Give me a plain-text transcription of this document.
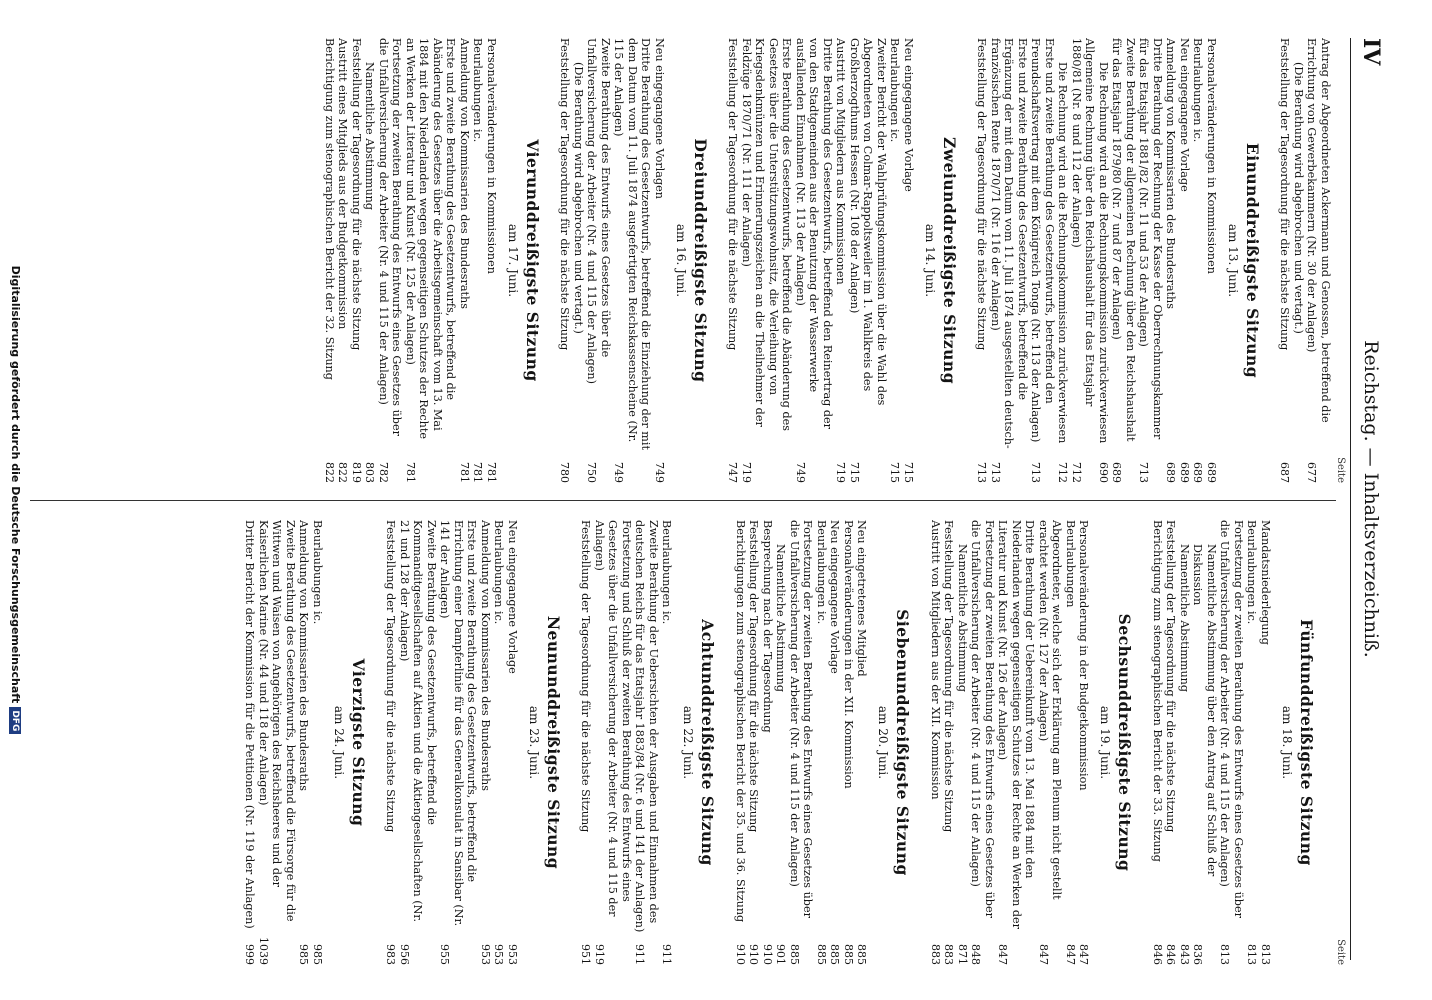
IV
Reichstag. — Inhaltsverzeichniß.
Seite
Antrag der Abgeordneten Ackermann und Genossen, betreffend die Errichtung von Gewerbekammern (Nr. 30 der Anlagen)
677
(Die Berathung wird abgebrochen und vertagt.)
Feststellung der Tagesordnung für die nächste Sitzung
687
Einunddreißigste Sitzung
am 13. Juni.
Personalveränderungen in Kommissionen
689
Beurlaubungen ic.
689
Neu eingegangene Vorlage
689
Anmeldung von Kommissarien des Bundesraths
689
Dritte Berathung der Rechnung der Kasse der Oberrechnungskammer für das Etatsjahr 1881/82 (Nr. 11 und 53 der Anlagen)
713
Zweite Berathung der allgemeinen Rechnung über den Reichshaushalt für das Etatsjahr 1879/80 (Nr. 7 und 87 der Anlagen)
689
Die Rechnung wird an die Rechnungskommission zurückverwiesen
690
Allgemeine Rechnung über den Reichshaushalt für das Etatsjahr 1880/81 (Nr. 8 und 112 der Anlagen)
712
Die Rechnung wird an die Rechnungskommission zurückverwiesen
712
Erste und zweite Berathung des Gesetzentwurfs, betreffend den Freundschaftsvertrag mit dem Königreich Tonga (Nr. 113 der Anlagen)
713
Erste und zweite Berathung des Gesetzentwurfs, betreffend die Ergänzung der mit dem Datum vom 11. Juli 1874 ausgestellten deutsch-französischen Rente 1870/71 (Nr. 116 der Anlagen)
713
Feststellung der Tagesordnung für die nächste Sitzung
713
Zweiunddreißigste Sitzung
am 14. Juni.
Neu eingegangene Vorlage
715
Beurlaubungen ic.
715
Zweiter Bericht der Wahlprüfungskommission über die Wahl des Abgeordneten von Colmar-Rappoltsweiler im 1. Wahlkreis des Großherzogthums Hessen (Nr. 108 der Anlagen)
715
Austritt von Mitgliedern aus Kommissionen
719
Dritte Berathung des Gesetzentwurfs, betreffend den Reinertrag der von den Stadtgemeinden aus der Benutzung der Wasserwerke ausfallenden Einnahmen (Nr. 113 der Anlagen)
749
Erste Berathung des Gesetzentwurfs, betreffend die Abänderung des Gesetzes über die Unterstützungswohnsitz, die Verleihung von Kriegsdenkmünzen und Erinnerungszeichen an die Theilnehmer der Feldzüge 1870/71 (Nr. 111 der Anlagen)
719
Feststellung der Tagesordnung für die nächste Sitzung
747
Dreiunddreißigste Sitzung
am 16. Juni.
Neu eingegangene Vorlagen
749
Dritte Berathung des Gesetzentwurfs, betreffend die Einziehung der mit dem Datum vom 11. Juli 1874 ausgefertigten Reichskassenscheine (Nr. 115 der Anlagen)
749
Zweite Berathung des Entwurfs eines Gesetzes über die Unfallversicherung der Arbeiter (Nr. 4 und 115 der Anlagen)
750
(Die Berathung wird abgebrochen und vertagt.)
Feststellung der Tagesordnung für die nächste Sitzung
780
Vierunddreißigste Sitzung
am 17. Juni.
Personalveränderungen in Kommissionen
781
Beurlaubungen ic.
781
Anmeldung von Kommissarien des Bundesraths
781
Erste und zweite Berathung des Gesetzentwurfs, betreffend die Abänderung des Gesetzes über die Arbeitsgemeinschaft vom 13. Mai 1884 mit den Niederlanden wegen gegenseitigen Schutzes der Rechte an Werken der Literatur und Kunst (Nr. 125 der Anlagen)
781
Fortsetzung der zweiten Berathung des Entwurfs eines Gesetzes über die Unfallversicherung der Arbeiter (Nr. 4 und 115 der Anlagen)
782
Namentliche Abstimmung
803
Feststellung der Tagesordnung für die nächste Sitzung
819
Austritt eines Mitglieds aus der Budgetkommission
822
Berichtigung zum stenographischen Bericht der 32. Sitzung
822
Seite
Fünfunddreißigste Sitzung
am 18. Juni.
Mandatsniederlegung
813
Beurlaubungen ic.
813
Fortsetzung der zweiten Berathung des Entwurfs eines Gesetzes über die Unfallversicherung der Arbeiter (Nr. 4 und 115 der Anlagen)
813
Namentliche Abstimmung über den Antrag auf Schluß der Diskussion
836
Namentliche Abstimmung
843
Feststellung der Tagesordnung für die nächste Sitzung
846
Berichtigung zum stenographischen Bericht der 33. Sitzung
846
Sechsunddreißigste Sitzung
am 19. Juni.
Personalveränderung in der Budgetkommission
847
Beurlaubungen
847
Abgeordneter, welche sich der Erklärung am Plenum nicht gestellt erachtet werden (Nr. 127 der Anlagen)
847
Dritte Berathung der Uebereinkunft vom 13. Mai 1884 mit den Niederlanden wegen gegenseitigen Schutzes der Rechte an Werken der Literatur und Kunst (Nr. 126 der Anlagen)
847
Fortsetzung der zweiten Berathung des Entwurfs eines Gesetzes über die Unfallversicherung der Arbeiter (Nr. 4 und 115 der Anlagen)
848
Namentliche Abstimmung
871
Feststellung der Tagesordnung für die nächste Sitzung
883
Austritt von Mitgliedern aus der XII. Kommission
883
Siebenunddreißigste Sitzung
am 20. Juni.
Neu eingetretenes Mitglied
885
Personalveränderungen in der XII. Kommission
885
Neu eingegangene Vorlage
885
Beurlaubungen ic.
885
Fortsetzung der zweiten Berathung des Entwurfs eines Gesetzes über die Unfallversicherung der Arbeiter (Nr. 4 und 115 der Anlagen)
885
Namentliche Abstimmung
901
Besprechung nach der Tagesordnung
910
Feststellung der Tagesordnung für die nächste Sitzung
910
Berichtigungen zum stenographischen Bericht der 35. und 36. Sitzung
910
Achtunddreißigste Sitzung
am 22. Juni.
Beurlaubungen ic.
911
Zweite Berathung der Uebersichten der Ausgaben und Einnahmen des deutschen Reichs für das Etatsjahr 1883/84 (Nr. 6 und 141 der Anlagen)
911
Fortsetzung und Schluß der zweiten Berathung des Entwurfs eines Gesetzes über die Unfallversicherung der Arbeiter (Nr. 4 und 115 der Anlagen)
919
Feststellung der Tagesordnung für die nächste Sitzung
951
Neununddreißigste Sitzung
am 23. Juni.
Neu eingegangene Vorlage
953
Beurlaubungen ic.
953
Anmeldung von Kommissarien des Bundesraths
953
Erste und zweite Berathung des Gesetzentwurfs, betreffend die Errichtung einer Dampferlinie für das Generalkonsulat in Sansibar (Nr. 141 der Anlagen)
955
Zweite Berathung des Gesetzentwurfs, betreffend die Kommanditgesellschaften auf Aktien und die Aktiengesellschaften (Nr. 21 und 128 der Anlagen)
956
Feststellung der Tagesordnung für die nächste Sitzung
983
Vierzigste Sitzung
am 24. Juni.
Beurlaubungen ic.
985
Anmeldung von Kommissarien des Bundesraths
985
Zweite Berathung des Gesetzentwurfs, betreffend die Fürsorge für die Wittwen und Waisen von Angehörigen des Reichsheeres und der Kaiserlichen Marine (Nr. 44 und 118 der Anlagen)
1039
Dritter Bericht der Kommission für die Petitionen (Nr. 119 der Anlagen)
999
Digitalisierung gefördert durch die Deutsche ForschungsgemeinschaftDFG
